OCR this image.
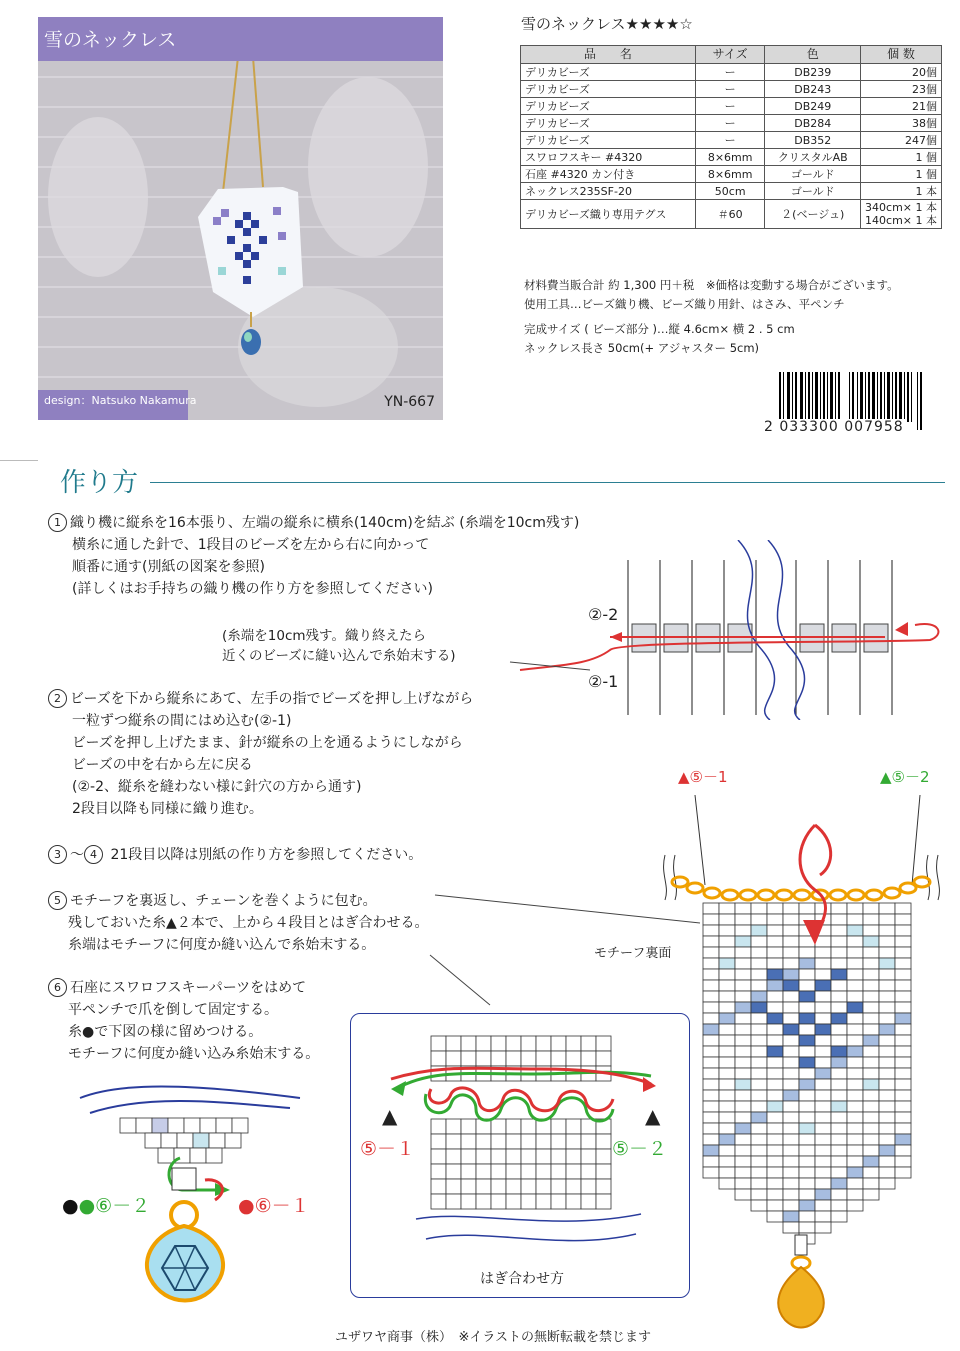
雪のネックレス
design：Natsuko Nakamura	YN-667
雪のネックレス★★★★☆
品　　名	サイズ	色	個 数
デリカビーズ	ー	DB239	20個
デリカビーズ	ー	DB243	23個
デリカビーズ	ー	DB249	21個
デリカビーズ	ー	DB284	38個
デリカビーズ	ー	DB352	247個
スワロフスキー #4320	8×6mm	クリスタルAB	1 個
石座 #4320 カン付き	8×6mm	ゴールド	1 個
ネックレス235SF-20	50cm	ゴールド	1 本
デリカビーズ織り専用テグス	＃60	２(ベージュ)	340cm× 1 本
140cm× 1 本
材料費当販合計 約 1,300 円＋税　※価格は変動する場合がございます。
使用工具…ビーズ織り機、ビーズ織り用針、はさみ、平ペンチ
完成サイズ ( ビーズ部分 )…縦 4.6cm× 横 2 . 5 cm
ネックレス長さ 50cm(+ アジャスター 5cm)
2 033300 007958
作り方
1 織り機に縦糸を16本張り、左端の縦糸に横糸(140cm)を結ぶ (糸端を10cm残す)
横糸に通した針で、1段目のビーズを左から右に向かって
順番に通す(別紙の図案を参照)
(詳しくはお手持ちの織り機の作り方を参照してください)
(糸端を10cm残す。織り終えたら
近くのビーズに縫い込んで糸始末する)
2 ビーズを下から縦糸にあて、左手の指でビーズを押し上げながら
一粒ずつ縦糸の間にはめ込む(②-1)
ビーズを押し上げたまま、針が縦糸の上を通るようにしながら
ビーズの中を右から左に戻る
(②-2、縦糸を縫わない様に針穴の方から通す)
2段目以降も同様に織り進む。
3 〜 4 21段目以降は別紙の作り方を参照してください。
5 モチーフを裏返し、チェーンを巻くように包む。
残しておいた糸▲２本で、上から４段目とはぎ合わせる。
糸端はモチーフに何度か縫い込んで糸始末する。
6 石座にスワロフスキーパーツをはめて
平ペンチで爪を倒して固定する。
糸●で下図の様に留めつける。
モチーフに何度か縫い込み糸始末する。
②-2
②-1
▲⑤－1	▲⑤－2
モチーフ裏面
▲	▲
⑤－１	⑤－２
はぎ合わせ方
●●⑥－２	●⑥－１
ユザワヤ商事（株）　※イラストの無断転載を禁じます
